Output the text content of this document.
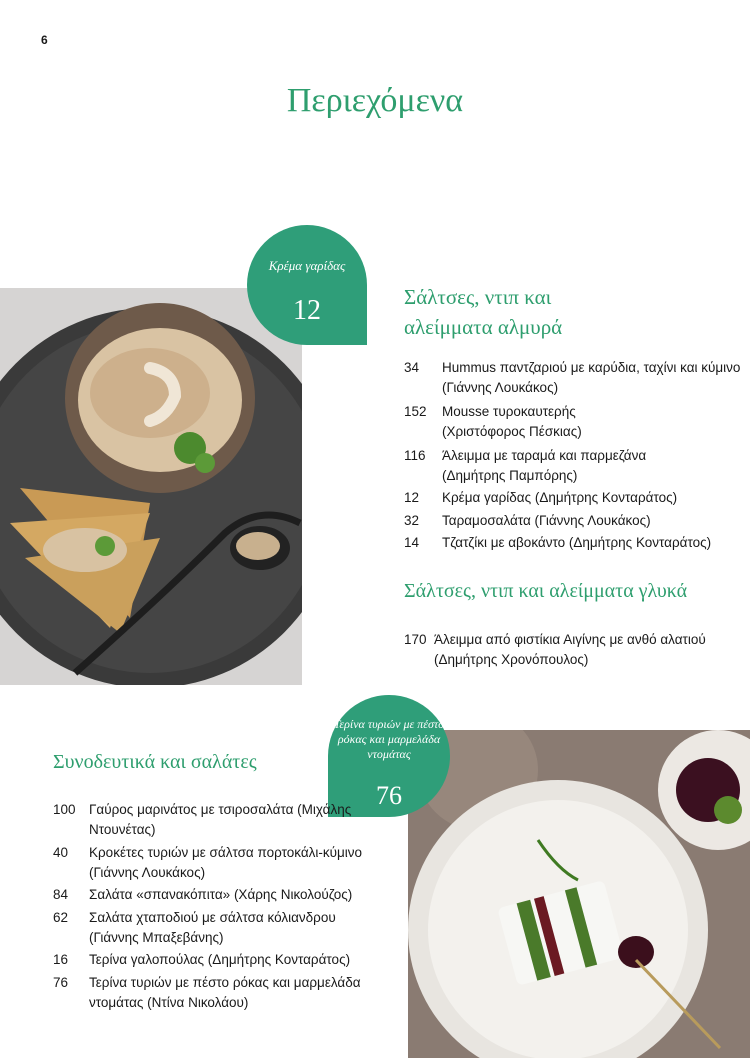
6
Περιεχόμενα
Κρέμα γαρίδας
12	Σάλτσες, ντιπ και
αλείμματα αλμυρά
34 Hummus παντζαριού με καρύδια, ταχίνι και κύμινο (Γιάννης Λουκάκος)
152 Mousse τυροκαυτερής (Χριστόφορος Πέσκιας)
116 Άλειμμα με ταραμά και παρμεζάνα (Δημήτρης Παμπόρης)
12 Κρέμα γαρίδας (Δημήτρης Κονταράτος)
32 Ταραμοσαλάτα (Γιάννης Λουκάκος)
14 Τζατζίκι με αβοκάντο (Δημήτρης Κονταράτος)
Σάλτσες, ντιπ και αλείμματα γλυκά
170 Άλειμμα από φιστίκια Αιγίνης με ανθό αλατιού (Δημήτρης Χρονόπουλος)
Τερίνα τυριών με πέστο ρόκας και μαρμελάδα ντομάτας
76
Συνοδευτικά και σαλάτες
100 Γαύρος μαρινάτος με τσιροσαλάτα (Μιχάλης Ντουνέτας)
40 Κροκέτες τυριών με σάλτσα πορτοκάλι-κύμινο (Γιάννης Λουκάκος)
84 Σαλάτα «σπανακόπιτα» (Χάρης Νικολούζος)
62 Σαλάτα χταποδιού με σάλτσα κόλιανδρου (Γιάννης Μπαξεβάνης)
16 Τερίνα γαλοπούλας (Δημήτρης Κονταράτος)
76 Τερίνα τυριών με πέστο ρόκας και μαρμελάδα ντομάτας (Ντίνα Νικολάου)
